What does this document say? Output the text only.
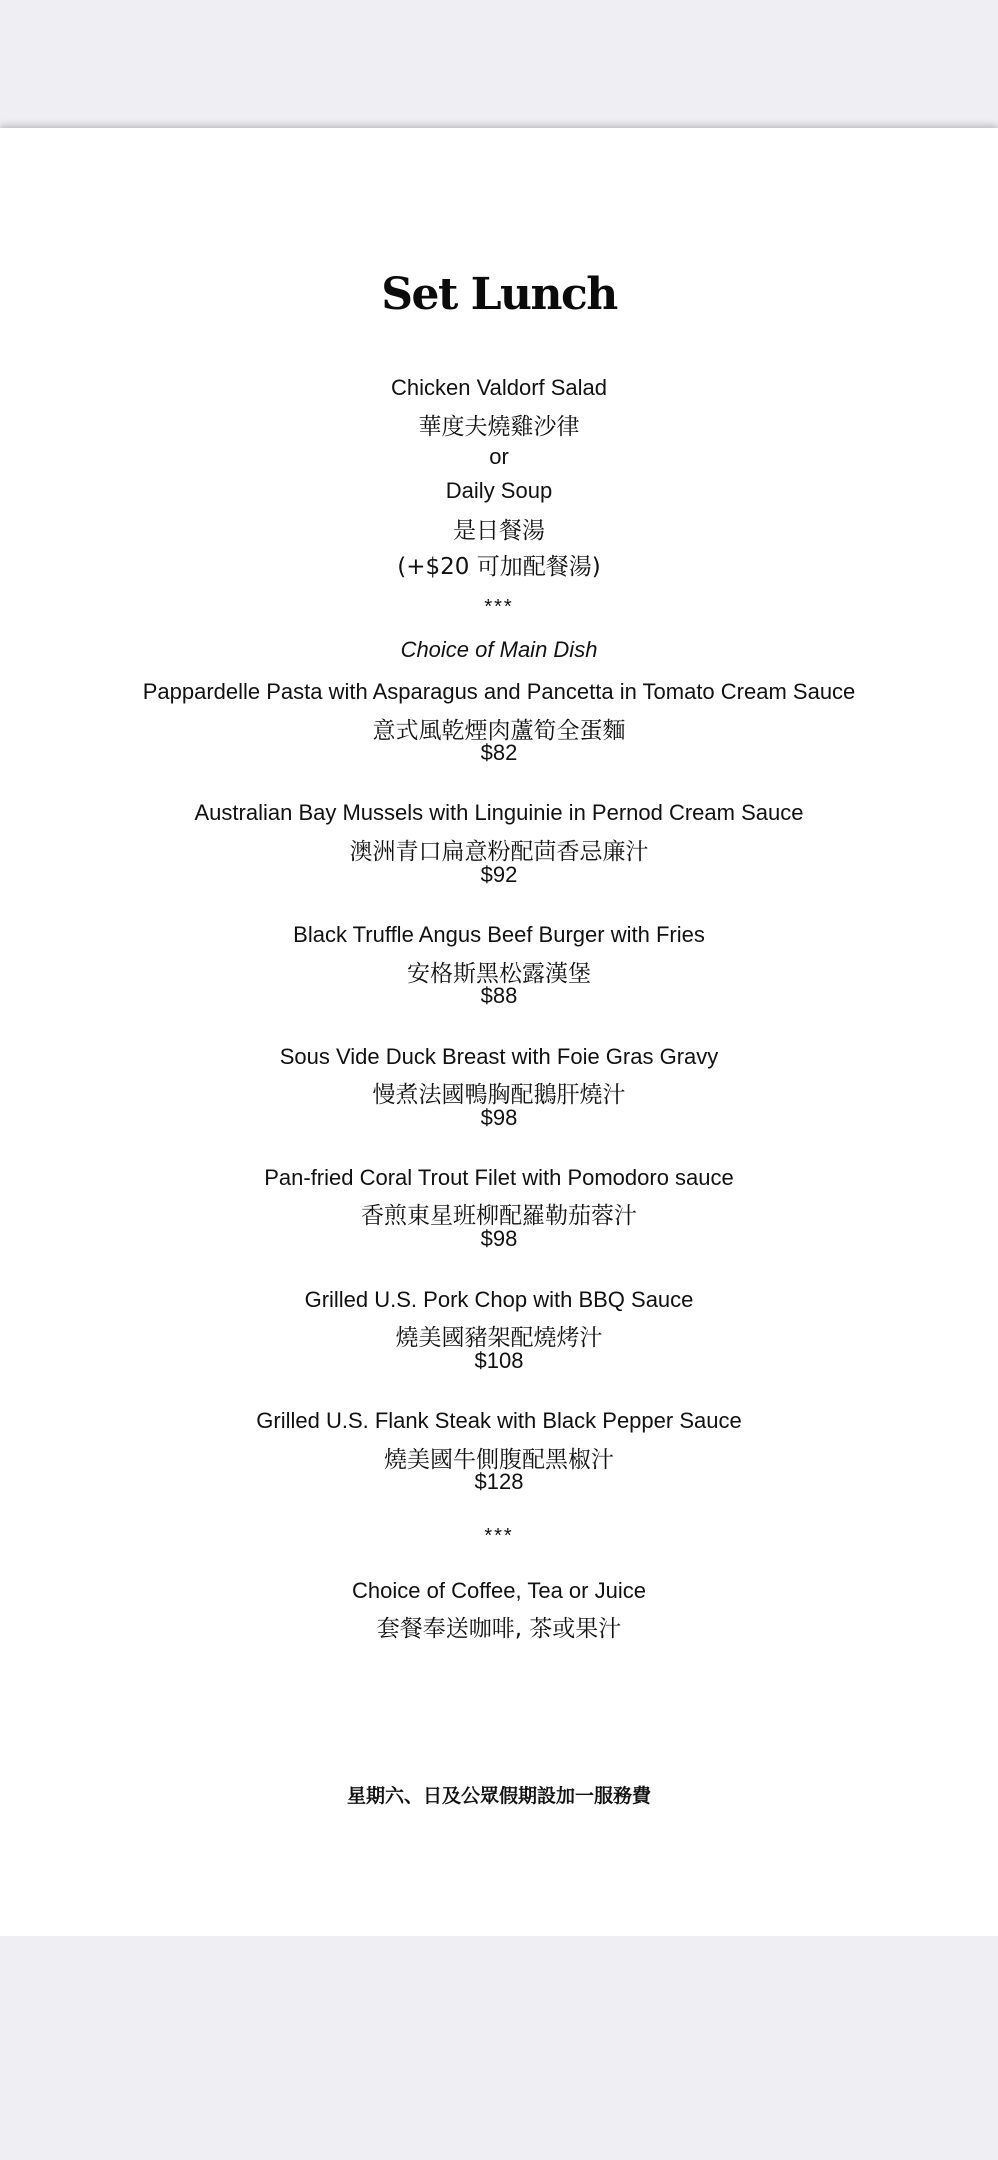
Set Lunch
Chicken Valdorf Salad
華度夫燒雞沙律
or
Daily Soup
是日餐湯
(+$20 可加配餐湯)
***
Choice of Main Dish
Pappardelle Pasta with Asparagus and Pancetta in Tomato Cream Sauce
意式風乾煙肉蘆筍全蛋麵
$82
Australian Bay Mussels with Linguinie in Pernod Cream Sauce
澳洲青口扁意粉配茴香忌廉汁
$92
Black Truffle Angus Beef Burger with Fries
安格斯黑松露漢堡
$88
Sous Vide Duck Breast with Foie Gras Gravy
慢煮法國鴨胸配鵝肝燒汁
$98
Pan-fried Coral Trout Filet with Pomodoro sauce
香煎東星班柳配羅勒茄蓉汁
$98
Grilled U.S. Pork Chop with BBQ Sauce
燒美國豬架配燒烤汁
$108
Grilled U.S. Flank Steak with Black Pepper Sauce
燒美國牛側腹配黑椒汁
$128
***
Choice of Coffee, Tea or Juice
套餐奉送咖啡, 茶或果汁
星期六、日及公眾假期設加一服務費
